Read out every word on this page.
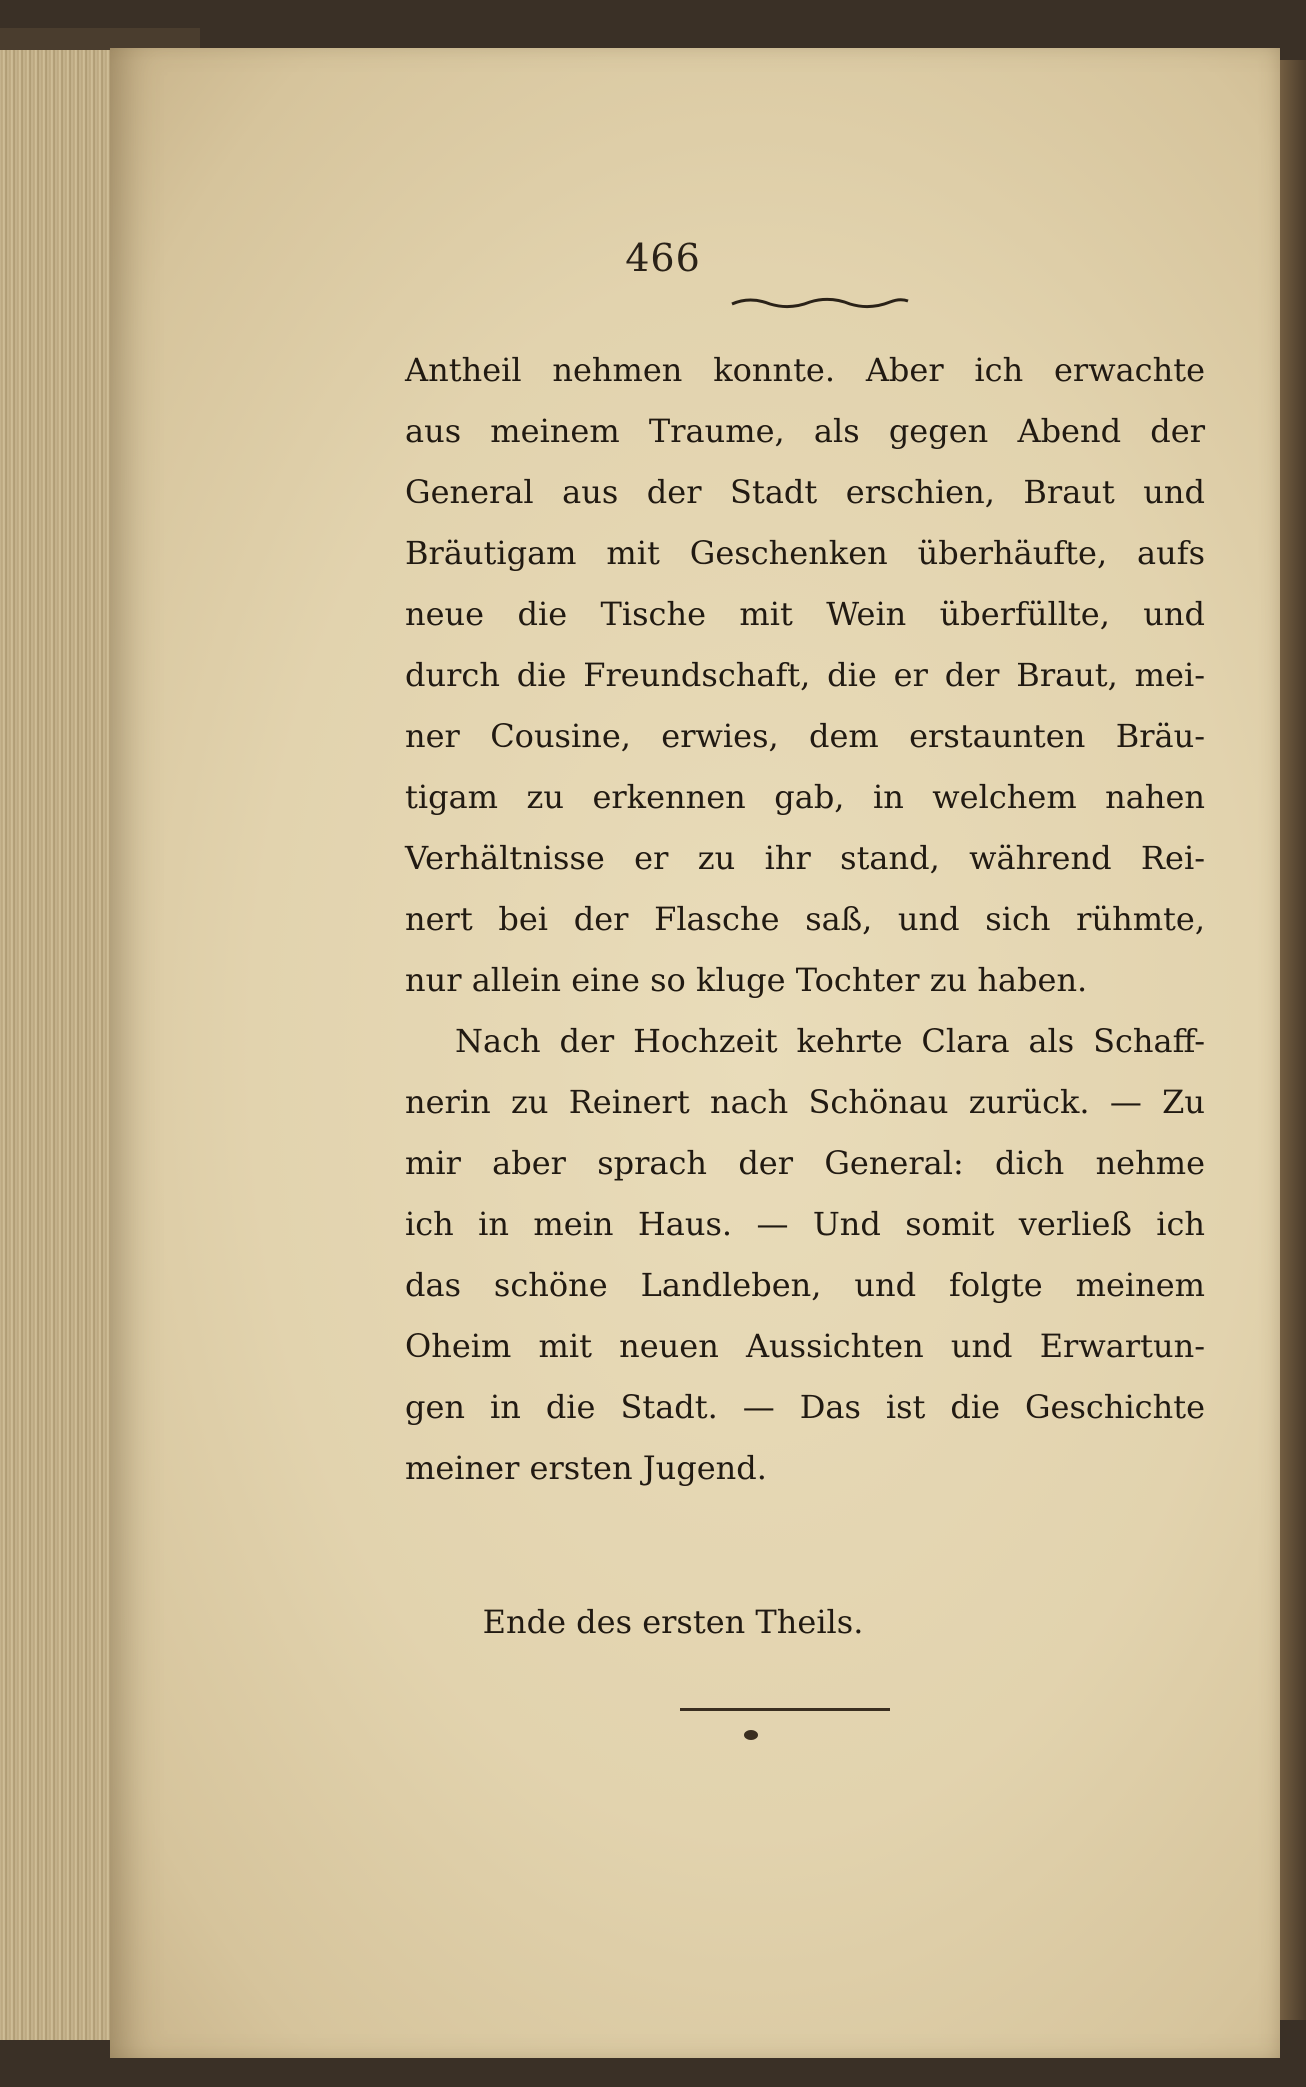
466
Antheil nehmen konnte. Aber ich erwachte
aus meinem Traume, als gegen Abend der
General aus der Stadt erschien, Braut und
Bräutigam mit Geschenken überhäufte, aufs
neue die Tische mit Wein überfüllte, und
durch die Freundschaft, die er der Braut, mei-
ner Cousine, erwies, dem erstaunten Bräu-
tigam zu erkennen gab, in welchem nahen
Verhältnisse er zu ihr stand, während Rei-
nert bei der Flasche saß, und sich rühmte,
nur allein eine so kluge Tochter zu haben.
Nach der Hochzeit kehrte Clara als Schaff-
nerin zu Reinert nach Schönau zurück. — Zu
mir aber sprach der General: dich nehme
ich in mein Haus. — Und somit verließ ich
das schöne Landleben, und folgte meinem
Oheim mit neuen Aussichten und Erwartun-
gen in die Stadt. — Das ist die Geschichte
meiner ersten Jugend.
Ende des ersten Theils.
